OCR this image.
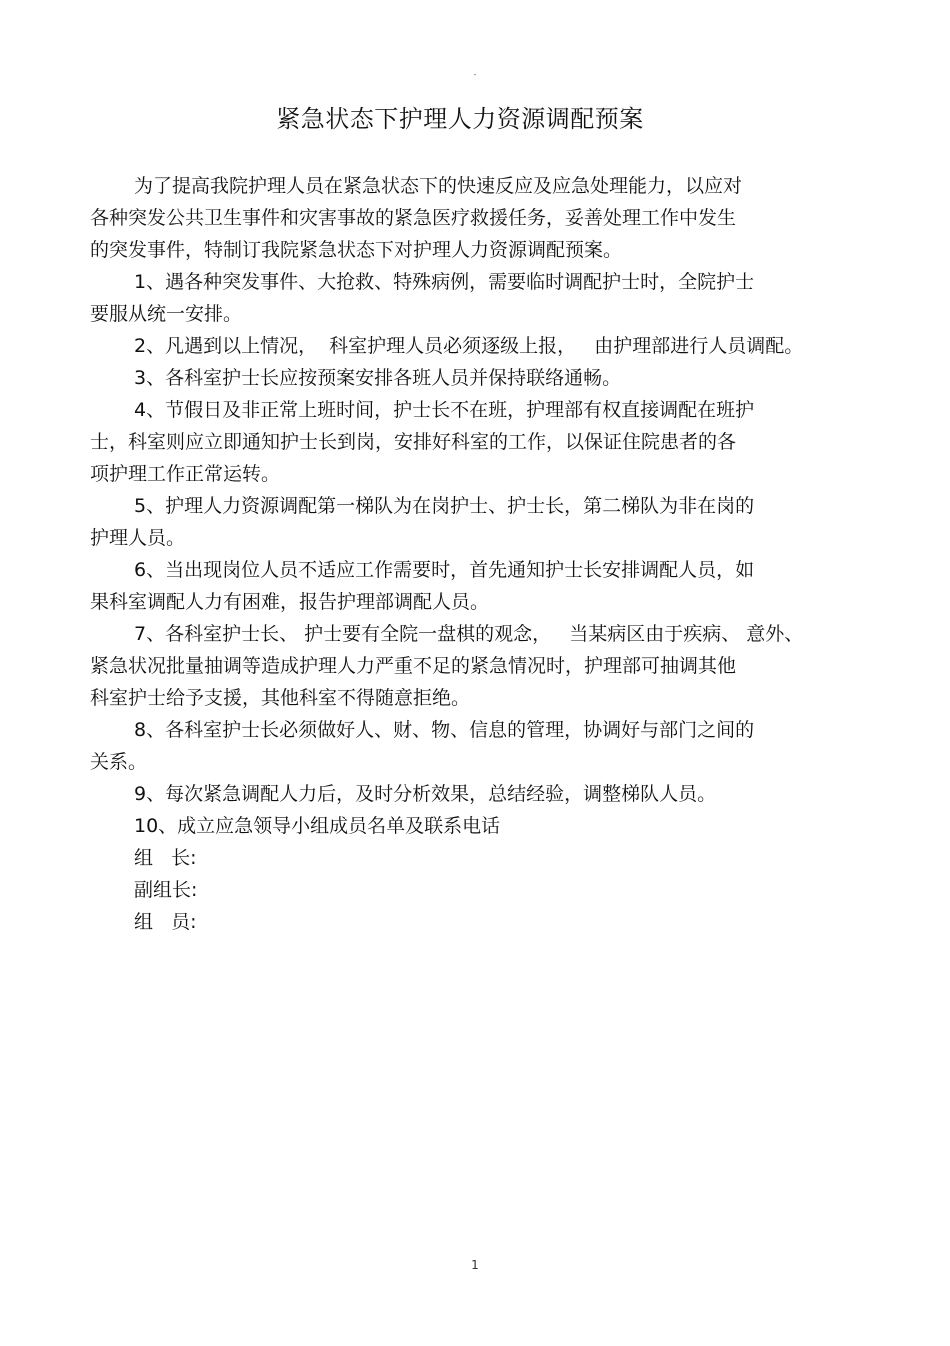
-
紧急状态下护理人力资源调配预案
为了提高我院护理人员在紧急状态下的快速反应及应急处理能力，以应对
各种突发公共卫生事件和灾害事故的紧急医疗救援任务，妥善处理工作中发生
的突发事件，特制订我院紧急状态下对护理人力资源调配预案。
1、遇各种突发事件、大抢救、特殊病例，需要临时调配护士时，全院护士
要服从统一安排。
2、凡遇到以上情况，  科室护理人员必须逐级上报，   由护理部进行人员调配。
3、各科室护士长应按预案安排各班人员并保持联络通畅。
4、节假日及非正常上班时间，护士长不在班，护理部有权直接调配在班护
士，科室则应立即通知护士长到岗，安排好科室的工作，以保证住院患者的各
项护理工作正常运转。
5、护理人力资源调配第一梯队为在岗护士、护士长，第二梯队为非在岗的
护理人员。
6、当出现岗位人员不适应工作需要时，首先通知护士长安排调配人员，如
果科室调配人力有困难，报告护理部调配人员。
7、各科室护士长、 护士要有全院一盘棋的观念，   当某病区由于疾病、 意外、
紧急状况批量抽调等造成护理人力严重不足的紧急情况时，护理部可抽调其他
科室护士给予支援，其他科室不得随意拒绝。
8、各科室护士长必须做好人、财、物、信息的管理，协调好与部门之间的
关系。
9、每次紧急调配人力后，及时分析效果，总结经验，调整梯队人员。
10、成立应急领导小组成员名单及联系电话
组   长:
副组长:
组   员:
1
